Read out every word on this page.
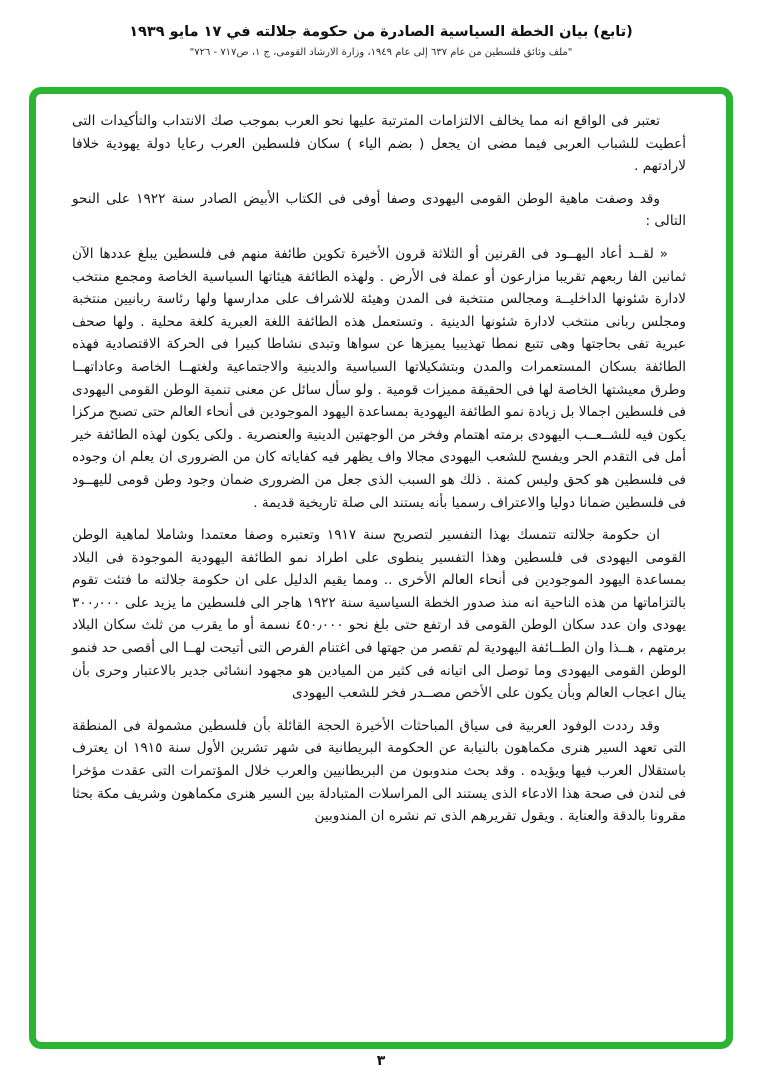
(تابع) بيان الخطة السياسية الصادرة من حكومة جلالته في ١٧ مايو ١٩٣٩
"ملف وثائق فلسطين من عام ٦٣٧ إلى عام ١٩٤٩، وزارة الارشاد القومى، ج ١، ص٧١٧ - ٧٢٦"

تعتبر فى الواقع انه مما يخالف الالتزامات المترتبة عليها نحو العرب بموجب صك الانتداب والتأكيدات التى أعطيت للشباب العربى فيما مضى ان يجعل ( بضم الياء ) سكان فلسطين العرب رعايا دولة يهودية خلافا لارادتهم .

وقد وصفت ماهية الوطن القومى اليهودى وصفا أوفى فى الكتاب الأبيض الصادر سنة ١٩٢٢ على النحو التالى :

« لقــد أعاد اليهــود فى القرنين أو الثلاثة قرون الأخيرة تكوين طائفة منهم فى فلسطين يبلغ عددها الآن ثمانين الفا ربعهم تقريبا مزارعون أو عملة فى الأرض . ولهذه الطائفة هيئاتها السياسية الخاصة ومجمع منتخب لادارة شئونها الداخليــة ومجالس منتخبة فى المدن وهيئة للاشراف على مدارسها ولها رئاسة ربانيين منتخبة ومجلس ربانى منتخب لادارة شئونها الدينية . وتستعمل هذه الطائفة اللغة العبرية كلغة محلية . ولها صحف عبرية تفى بحاجتها وهى تتبع نمطا تهذيبيا يميزها عن سواها وتبدى نشاطا كبيرا فى الحركة الاقتصادية فهذه الطائفة بسكان المستعمرات والمدن وبتشكيلاتها السياسية والدينية والاجتماعية ولغتهــا الخاصة وعاداتهــا وطرق معيشتها الخاصة لها فى الحقيقة مميزات قومية . ولو سأل سائل عن معنى تنمية الوطن القومى اليهودى فى فلسطين اجمالا بل زيادة نمو الطائفة اليهودية بمساعدة اليهود الموجودين فى أنحاء العالم حتى تصبح مركزا يكون فيه للشــعــب اليهودى برمته اهتمام وفخر من الوجهتين الدينية والعنصرية . ولكى يكون لهذه الطائفة خير أمل فى التقدم الحر ويفسح للشعب اليهودى مجالا واف يظهر فيه كفاياته كان من الضرورى ان يعلم ان وجوده فى فلسطين هو كحق وليس كمنة . ذلك هو السبب الذى جعل من الضرورى ضمان وجود وطن قومى لليهــود فى فلسطين ضمانا دوليا والاعتراف رسميا بأنه يستند الى صلة تاريخية قديمة .

ان حكومة جلالته تتمسك بهذا التفسير لتصريح سنة ١٩١٧ وتعتبره وصفا معتمدا وشاملا لماهية الوطن القومى اليهودى فى فلسطين وهذا التفسير ينطوى على اطراد نمو الطائفة اليهودية الموجودة فى البلاد بمساعدة اليهود الموجودين فى أنحاء العالم الأخرى .. ومما يقيم الدليل على ان حكومة جلالته ما فتئت تقوم بالتزاماتها من هذه الناحية انه منذ صدور الخطة السياسية سنة ١٩٢٢ هاجر الى فلسطين ما يزيد على ٣٠٠٫٠٠٠ يهودى وان عدد سكان الوطن القومى قد ارتفع حتى بلغ نحو ٤٥٠٫٠٠٠ نسمة أو ما يقرب من ثلث سكان البلاد برمتهم ، هــذا وان الطــائفة اليهودية لم تقصر من جهتها فى اغتنام الفرص التى أتيحت لهــا الى أقصى حد فنمو الوطن القومى اليهودى وما توصل الى اتيانه فى كثير من الميادين هو مجهود انشائى جدير بالاعتبار وحرى بأن ينال اعجاب العالم وبأن يكون على الأخص مصــدر فخر للشعب اليهودى

وقد رددت الوفود العربية فى سياق المباحثات الأخيرة الحجة القائلة بأن فلسطين مشمولة فى المنطقة التى تعهد السير هنرى مكماهون بالنيابة عن الحكومة البريطانية فى شهر تشرين الأول سنة ١٩١٥ ان يعترف باستقلال العرب فيها ويؤيده . وقد بحث مندوبون من البريطانيين والعرب خلال المؤتمرات التى عقدت مؤخرا فى لندن فى صحة هذا الادعاء الذى يستند الى المراسلات المتبادلة بين السير هنرى مكماهون وشريف مكة بحثا مقرونا بالدقة والعناية . ويقول تقريرهم الذى تم نشره ان المندوبين

٣
